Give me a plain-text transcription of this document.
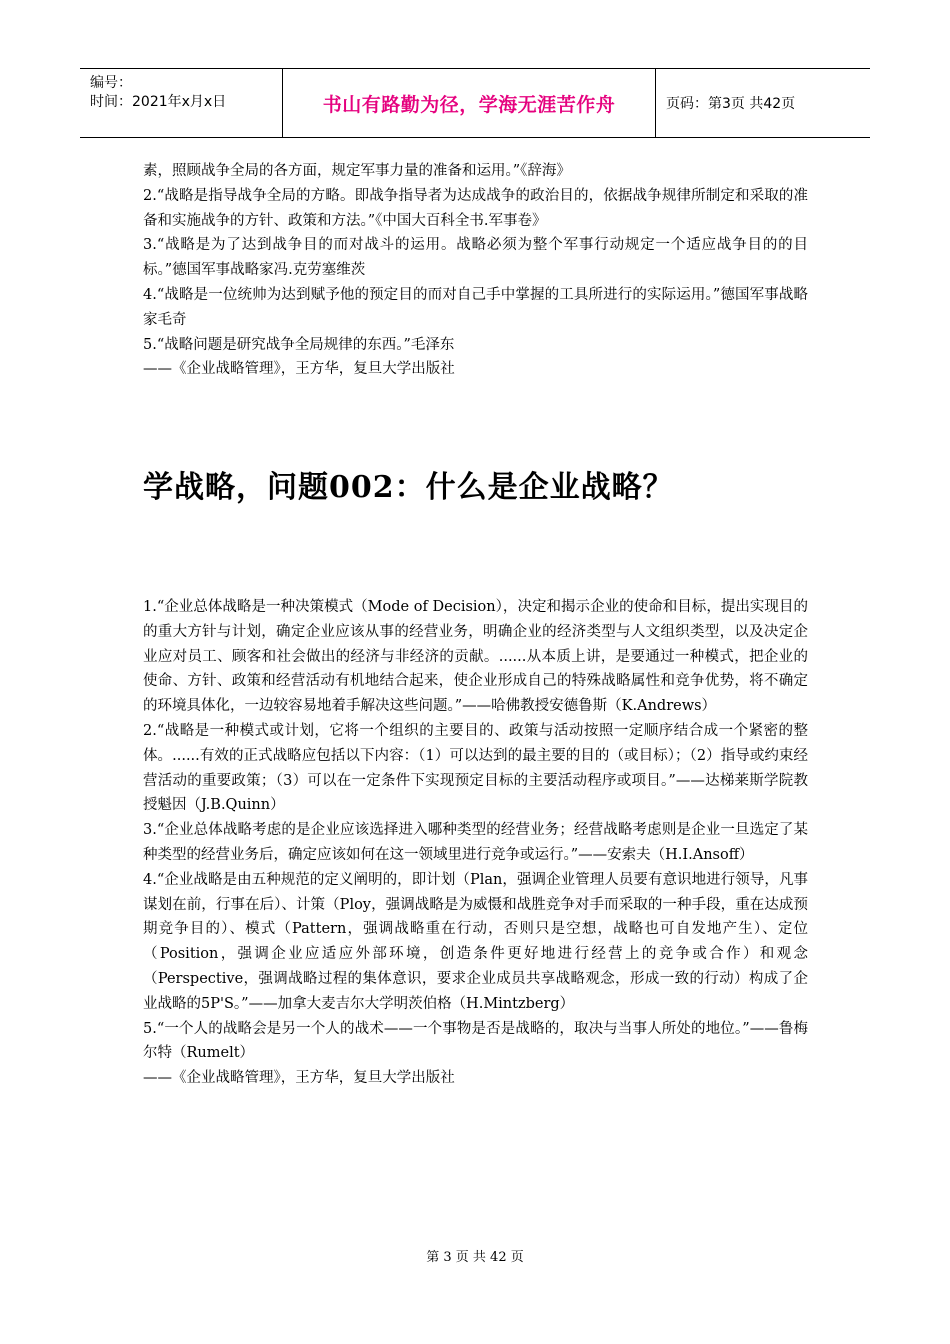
编号：
时间：2021年x月x日	书山有路勤为径，学海无涯苦作舟	页码：第3页 共42页

素，照顾战争全局的各方面，规定军事力量的准备和运用。”《辞海》

2.“战略是指导战争全局的方略。即战争指导者为达成战争的政治目的，依据战争规律所制定和采取的准备和实施战争的方针、政策和方法。”《中国大百科全书.军事卷》

3.“战略是为了达到战争目的而对战斗的运用。战略必须为整个军事行动规定一个适应战争目的的目标。”德国军事战略家冯.克劳塞维茨

4.“战略是一位统帅为达到赋予他的预定目的而对自己手中掌握的工具所进行的实际运用。”德国军事战略家毛奇

5.“战略问题是研究战争全局规律的东西。”毛泽东

——《企业战略管理》，王方华，复旦大学出版社

学战略，问题002：什么是企业战略？

1.“企业总体战略是一种决策模式（Mode of Decision），决定和揭示企业的使命和目标，提出实现目的的重大方针与计划，确定企业应该从事的经营业务，明确企业的经济类型与人文组织类型，以及决定企业应对员工、顾客和社会做出的经济与非经济的贡献。......从本质上讲，是要通过一种模式，把企业的使命、方针、政策和经营活动有机地结合起来，使企业形成自己的特殊战略属性和竞争优势，将不确定的环境具体化，一边较容易地着手解决这些问题。”——哈佛教授安德鲁斯（K.Andrews）

2.“战略是一种模式或计划，它将一个组织的主要目的、政策与活动按照一定顺序结合成一个紧密的整体。......有效的正式战略应包括以下内容：（1）可以达到的最主要的目的（或目标）；（2）指导或约束经营活动的重要政策；（3）可以在一定条件下实现预定目标的主要活动程序或项目。”——达梯莱斯学院教授魁因（J.B.Quinn）

3.“企业总体战略考虑的是企业应该选择进入哪种类型的经营业务；经营战略考虑则是企业一旦选定了某种类型的经营业务后，确定应该如何在这一领域里进行竞争或运行。”——安索夫（H.I.Ansoff）

4.“企业战略是由五种规范的定义阐明的，即计划（Plan，强调企业管理人员要有意识地进行领导，凡事谋划在前，行事在后）、计策（Ploy，强调战略是为威慑和战胜竞争对手而采取的一种手段，重在达成预期竞争目的）、模式（Pattern，强调战略重在行动，否则只是空想，战略也可自发地产生）、定位（Position，强调企业应适应外部环境，创造条件更好地进行经营上的竞争或合作）和观念（Perspective，强调战略过程的集体意识，要求企业成员共享战略观念，形成一致的行动）构成了企业战略的5P'S。”——加拿大麦吉尔大学明茨伯格（H.Mintzberg）

5.“一个人的战略会是另一个人的战术——一个事物是否是战略的，取决与当事人所处的地位。”——鲁梅尔特（Rumelt）

——《企业战略管理》，王方华，复旦大学出版社

第 3 页 共 42 页
